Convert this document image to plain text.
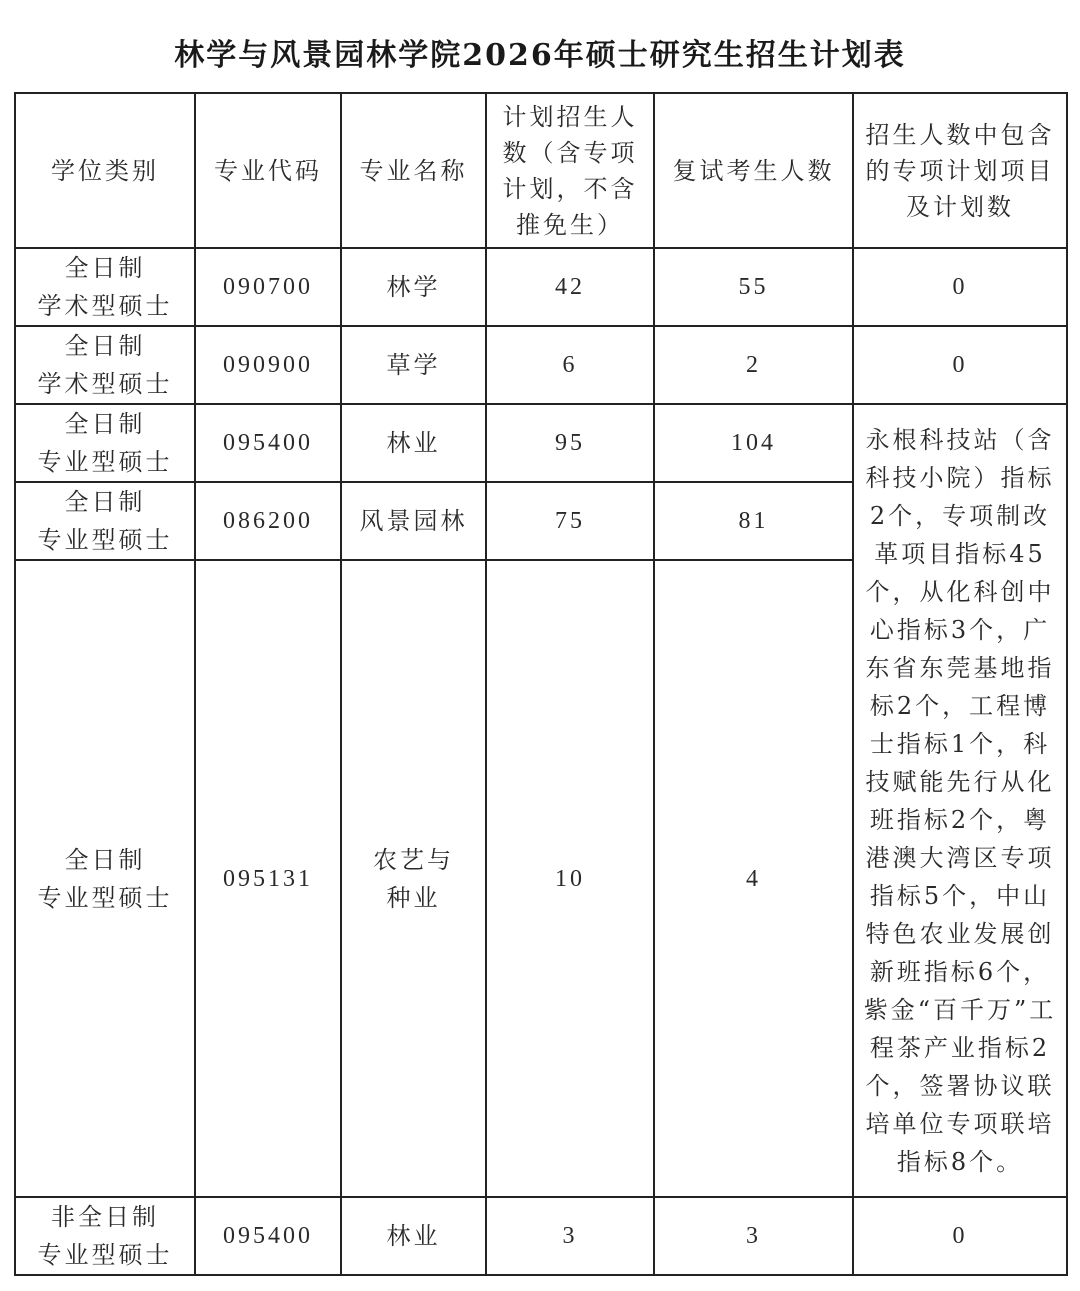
林学与风景园林学院2026年硕士研究生招生计划表
学位类别	专业代码	专业名称	计划招生人数（含专项计划，不含推免生）	复试考生人数	招生人数中包含的专项计划项目及计划数

全日制
学术型硕士	090700	林学	42	55	0

全日制
学术型硕士	090900	草学	6	2	0

全日制
专业型硕士	095400	林业	95	104	永根科技站（含科技小院）指标2个，专项制改革项目指标45个，从化科创中心指标3个，广东省东莞基地指标2个，工程博士指标1个，科技赋能先行从化班指标2个，粤港澳大湾区专项指标5个，中山特色农业发展创新班指标6个，紫金“百千万”工程茶产业指标2个，签署协议联培单位专项联培指标8个。

全日制
专业型硕士	086200	风景园林	75	81	

全日制
专业型硕士	095131	农艺与种业	10	4	

非全日制
专业型硕士	095400	林业	3	3	0
